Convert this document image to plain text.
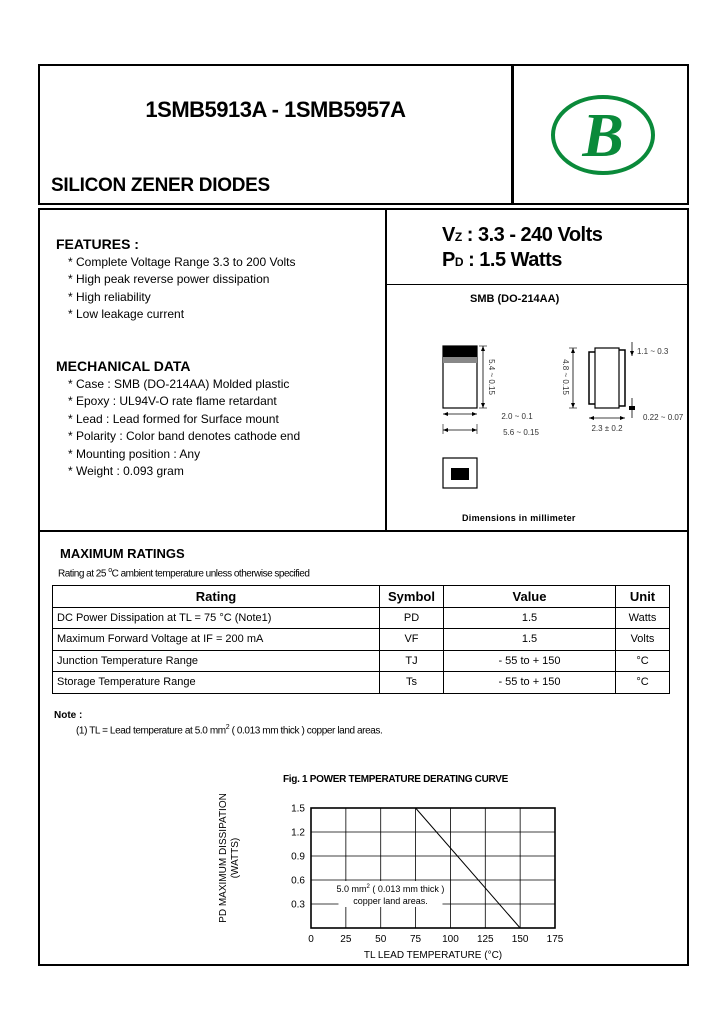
1SMB5913A - 1SMB5957A
SILICON ZENER DIODES
B
FEATURES :
* Complete Voltage Range 3.3 to 200 Volts
* High peak reverse power dissipation
* High reliability
* Low leakage current
MECHANICAL DATA
* Case : SMB (DO-214AA) Molded plastic
* Epoxy : UL94V-O rate flame retardant
* Lead : Lead formed for Surface mount
* Polarity : Color band denotes cathode end
* Mounting position : Any
* Weight : 0.093 gram
VZ : 3.3 - 240 Volts
PD : 1.5 Watts
SMB (DO-214AA)
5.4 ~ 0.15
2.0 ~ 0.1
5.6 ~ 0.15
4.8 ~ 0.15
1.1 ~ 0.3
0.22 ~ 0.07
2.3 ± 0.2
Dimensions in millimeter
MAXIMUM RATINGS
Rating at 25 $^o$C ambient temperature unless otherwise specified
Rating	Symbol	Value	Unit
DC Power Dissipation at TL = 75 °C (Note1)	PD	1.5	Watts
Maximum Forward Voltage at IF = 200 mA	VF	1.5	Volts
Junction Temperature Range	TJ	- 55 to + 150	°C
Storage Temperature Range	Ts	- 55 to + 150	°C
Note :
(1) TL = Lead temperature at 5.0 $mm^2$ ( 0.013 mm thick ) copper land areas.
Fig. 1 POWER TEMPERATURE DERATING CURVE
PD MAXIMUM DISSIPATION (WATTS)
0	25 50 75 100 125 150 175
0.3
0.6
0.9
1.2
1.5
TL LEAD TEMPERATURE (°C)
5.0 $mm^2$ ( 0.013 mm thick )
copper land areas.
